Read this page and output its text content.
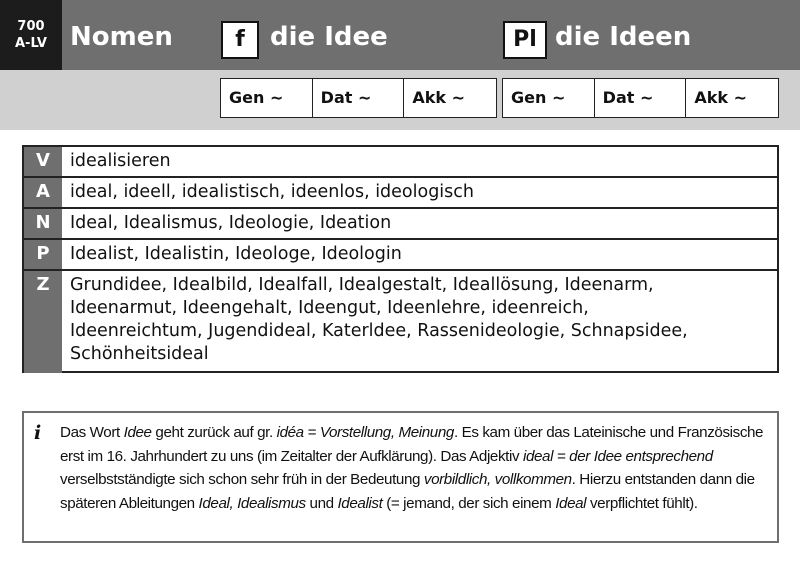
700
A-LV Nomen	f die Idee	Pl die Ideen
Gen ~	Dat ~	Akk ~	Gen ~	Dat ~	Akk ~
V	idealisieren
A	ideal, ideell, idealistisch, ideenlos, ideologisch
N	Ideal, Idealismus, Ideologie, Ideation
P	Idealist, Idealistin, Ideologe, Ideologin
Z	Grundidee, Idealbild, Idealfall, Idealgestalt, Ideallösung, Ideenarm,
Ideenarmut, Ideengehalt, Ideengut, Ideenlehre, ideenreich,
Ideenreichtum, Jugendideal, Katerldee, Rassenideologie, Schnapsidee,
Schönheitsideal
i Das Wort Idee geht zurück auf gr. idéa = Vorstellung, Meinung. Es kam über das Lateinische und Französische erst im 16. Jahrhundert zu uns (im Zeitalter der Aufklärung). Das Adjektiv ideal = der Idee entsprechend verselbstständigte sich schon sehr früh in der Bedeutung vorbildlich, vollkommen. Hierzu entstanden dann die späteren Ableitungen Ideal, Idealismus und Idealist (= jemand, der sich einem Ideal verpflichtet fühlt).
